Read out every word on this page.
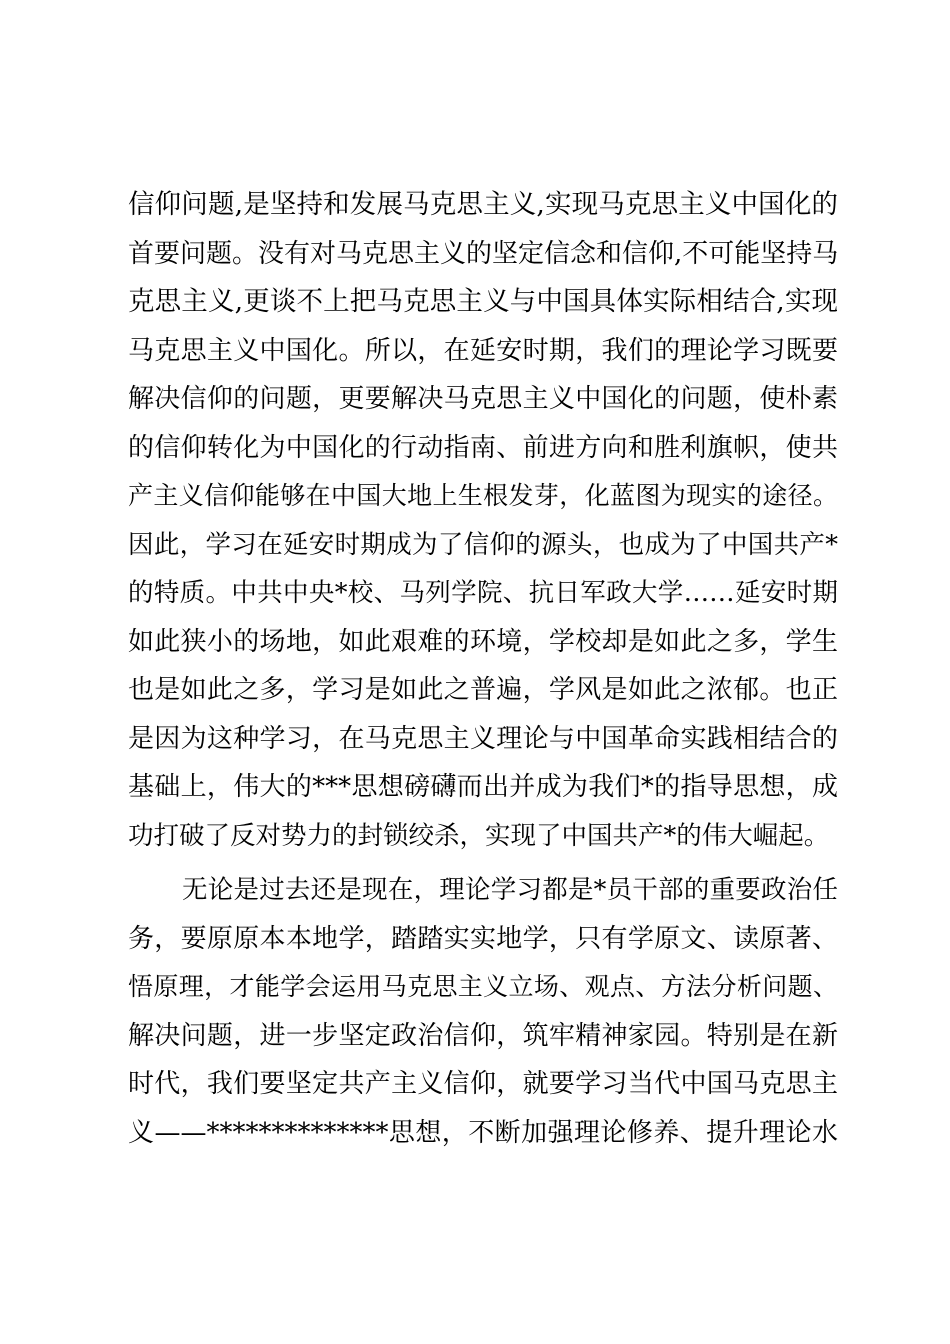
信仰问题,是坚持和发展马克思主义,实现马克思主义中国化的
首要问题。没有对马克思主义的坚定信念和信仰,不可能坚持马
克思主义,更谈不上把马克思主义与中国具体实际相结合,实现
马克思主义中国化。所以，在延安时期，我们的理论学习既要
解决信仰的问题，更要解决马克思主义中国化的问题，使朴素
的信仰转化为中国化的行动指南、前进方向和胜利旗帜，使共
产主义信仰能够在中国大地上生根发芽，化蓝图为现实的途径。
因此，学习在延安时期成为了信仰的源头，也成为了中国共产*
的特质。中共中央*校、马列学院、抗日军政大学……延安时期
如此狭小的场地，如此艰难的环境，学校却是如此之多，学生
也是如此之多，学习是如此之普遍，学风是如此之浓郁。也正
是因为这种学习，在马克思主义理论与中国革命实践相结合的
基础上，伟大的***思想磅礴而出并成为我们*的指导思想，成
功打破了反对势力的封锁绞杀，实现了中国共产*的伟大崛起。
无论是过去还是现在，理论学习都是*员干部的重要政治任
务，要原原本本地学，踏踏实实地学，只有学原文、读原著、
悟原理，才能学会运用马克思主义立场、观点、方法分析问题、
解决问题，进一步坚定政治信仰，筑牢精神家园。特别是在新
时代，我们要坚定共产主义信仰，就要学习当代中国马克思主
义——**************思想，不断加强理论修养、提升理论水
